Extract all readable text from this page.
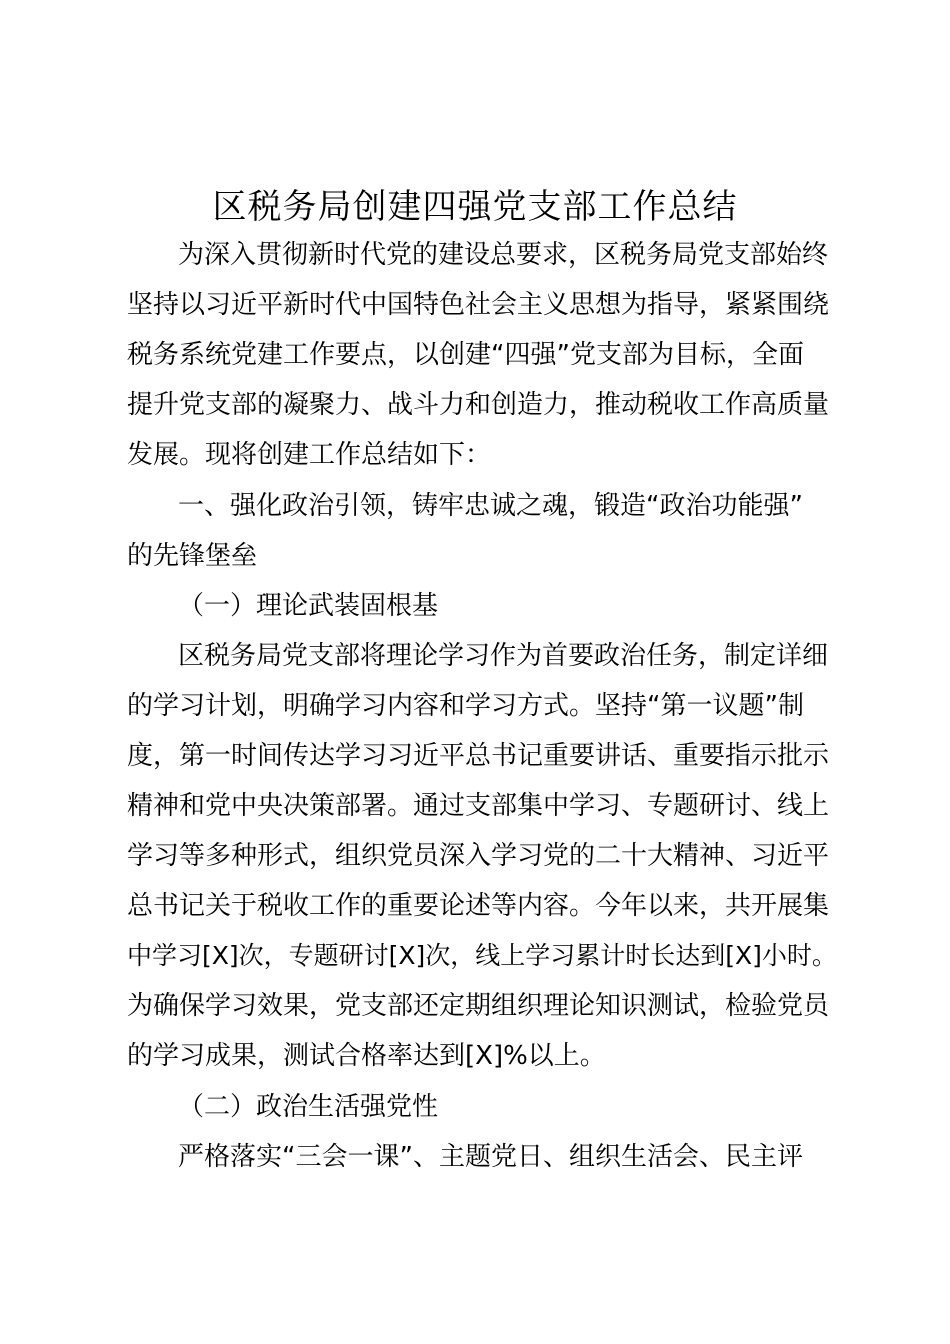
区税务局创建四强党支部工作总结
为深入贯彻新时代党的建设总要求，区税务局党支部始终
坚持以习近平新时代中国特色社会主义思想为指导，紧紧围绕
税务系统党建工作要点，以创建“四强”党支部为目标，全面
提升党支部的凝聚力、战斗力和创造力，推动税收工作高质量
发展。现将创建工作总结如下：
一、强化政治引领，铸牢忠诚之魂，锻造“政治功能强”
的先锋堡垒
（一）理论武装固根基
区税务局党支部将理论学习作为首要政治任务，制定详细
的学习计划，明确学习内容和学习方式。坚持“第一议题”制
度，第一时间传达学习习近平总书记重要讲话、重要指示批示
精神和党中央决策部署。通过支部集中学习、专题研讨、线上
学习等多种形式，组织党员深入学习党的二十大精神、习近平
总书记关于税收工作的重要论述等内容。今年以来，共开展集
中学习[X]次，专题研讨[X]次，线上学习累计时长达到[X]小时。
为确保学习效果，党支部还定期组织理论知识测试，检验党员
的学习成果，测试合格率达到[X]%以上。
（二）政治生活强党性
严格落实“三会一课”、主题党日、组织生活会、民主评
